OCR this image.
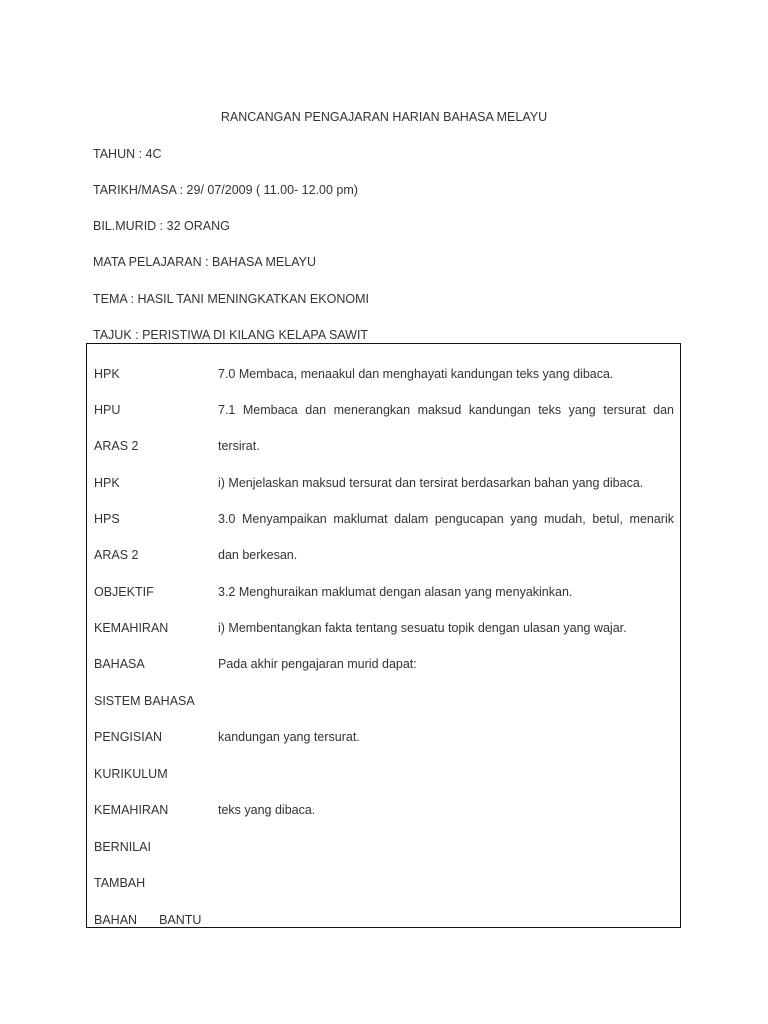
RANCANGAN PENGAJARAN HARIAN BAHASA MELAYU
TAHUN : 4C
TARIKH/MASA : 29/ 07/2009 ( 11.00- 12.00 pm)
BIL.MURID : 32 ORANG
MATA PELAJARAN : BAHASA MELAYU
TEMA : HASIL TANI MENINGKATKAN EKONOMI
TAJUK : PERISTIWA DI KILANG KELAPA SAWIT
HPK	7.0 Membaca, menaakul dan menghayati kandungan teks yang dibaca.
HPU	7.1 Membaca dan menerangkan maksud kandungan teks yang tersurat dan
ARAS 2	tersirat.
HPK	i) Menjelaskan maksud tersurat dan tersirat berdasarkan bahan yang dibaca.
HPS	3.0 Menyampaikan maklumat dalam pengucapan yang mudah, betul, menarik
ARAS 2	dan berkesan.
OBJEKTIF	3.2 Menghuraikan maklumat dengan alasan yang menyakinkan.
KEMAHIRAN	i) Membentangkan fakta tentang sesuatu topik dengan ulasan yang wajar.
BAHASA	Pada akhir pengajaran murid dapat:
SISTEM BAHASA
PENGISIAN	kandungan yang tersurat.
KURIKULUM
KEMAHIRAN	teks yang dibaca.
BERNILAI
TAMBAH
BAHAN BANTU
